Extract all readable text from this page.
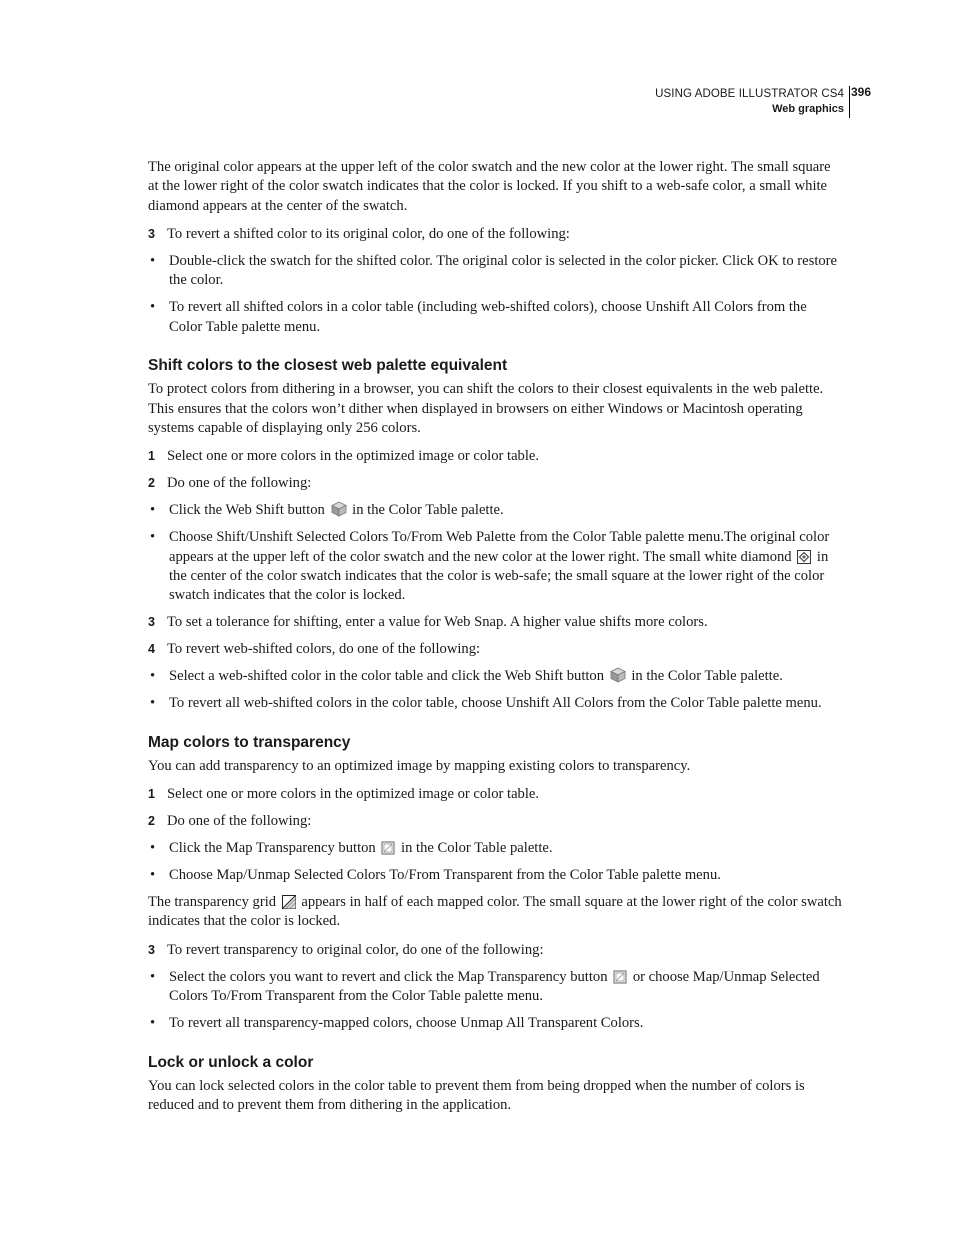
USING ADOBE ILLUSTRATOR CS4
Web graphics
396

The original color appears at the upper left of the color swatch and the new color at the lower right. The small square at the lower right of the color swatch indicates that the color is locked. If you shift to a web-safe color, a small white diamond appears at the center of the swatch.

3 To revert a shifted color to its original color, do one of the following:
• Double-click the swatch for the shifted color. The original color is selected in the color picker. Click OK to restore the color.
• To revert all shifted colors in a color table (including web-shifted colors), choose Unshift All Colors from the Color Table palette menu.
Shift colors to the closest web palette equivalent

To protect colors from dithering in a browser, you can shift the colors to their closest equivalents in the web palette. This ensures that the colors won’t dither when displayed in browsers on either Windows or Macintosh operating systems capable of displaying only 256 colors.

1 Select one or more colors in the optimized image or color table.
2 Do one of the following:
• Click the Web Shift button in the Color Table palette.
• Choose Shift/Unshift Selected Colors To/From Web Palette from the Color Table palette menu.The original color appears at the upper left of the color swatch and the new color at the lower right. The small white diamond in the center of the color swatch indicates that the color is web-safe; the small square at the lower right of the color swatch indicates that the color is locked.
3 To set a tolerance for shifting, enter a value for Web Snap. A higher value shifts more colors.
4 To revert web-shifted colors, do one of the following:
• Select a web-shifted color in the color table and click the Web Shift button in the Color Table palette.
• To revert all web-shifted colors in the color table, choose Unshift All Colors from the Color Table palette menu.
Map colors to transparency

You can add transparency to an optimized image by mapping existing colors to transparency.

1 Select one or more colors in the optimized image or color table.
2 Do one of the following:
• Click the Map Transparency button in the Color Table palette.
• Choose Map/Unmap Selected Colors To/From Transparent from the Color Table palette menu.

The transparency grid appears in half of each mapped color. The small square at the lower right of the color swatch indicates that the color is locked.

3 To revert transparency to original color, do one of the following:
• Select the colors you want to revert and click the Map Transparency button or choose Map/Unmap Selected Colors To/From Transparent from the Color Table palette menu.
• To revert all transparency-mapped colors, choose Unmap All Transparent Colors.
Lock or unlock a color

You can lock selected colors in the color table to prevent them from being dropped when the number of colors is reduced and to prevent them from dithering in the application.
